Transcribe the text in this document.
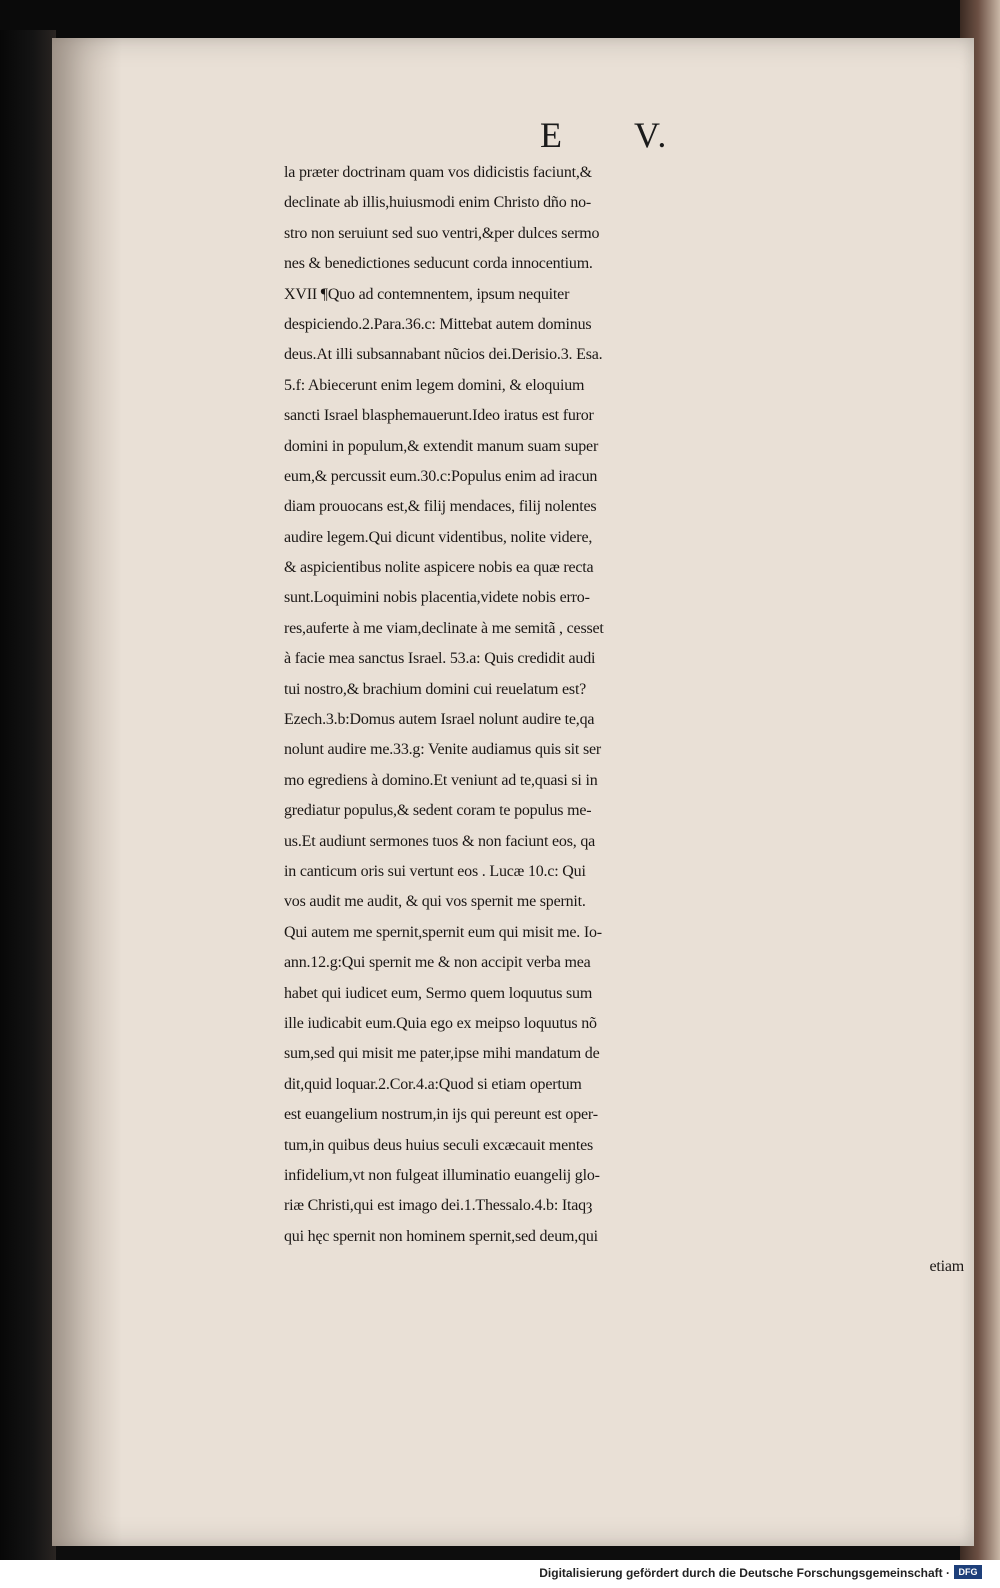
E V.
la præter doctrinam quam vos didicistis faciunt,&
declinate ab illis,huiusmodi enim Christo dño no-
stro non seruiunt sed suo ventri,&per dulces sermo
nes & benedictiones seducunt corda innocentium.
XVII ¶Quo ad contemnentem, ipsum nequiter
despiciendo.2.Para.36.c: Mittebat autem dominus
deus.At illi subsannabant nũcios dei.Derisio.3. Esa.
5.f: Abiecerunt enim legem domini, & eloquium
sancti Israel blasphemauerunt.Ideo iratus est furor
domini in populum,& extendit manum suam super
eum,& percussit eum.30.c:Populus enim ad iracun
diam prouocans est,& filij mendaces, filij nolentes
audire legem.Qui dicunt videntibus, nolite videre,
& aspicientibus nolite aspicere nobis ea quæ recta
sunt.Loquimini nobis placentia,videte nobis erro-
res,auferte à me viam,declinate à me semitã , cesset
à facie mea sanctus Israel. 53.a: Quis credidit audi
tui nostro,& brachium domini cui reuelatum est?
Ezech.3.b:Domus autem Israel nolunt audire te,qa
nolunt audire me.33.g: Venite audiamus quis sit ser
mo egrediens à domino.Et veniunt ad te,quasi si in
grediatur populus,& sedent coram te populus me-
us.Et audiunt sermones tuos & non faciunt eos, qa
in canticum oris sui vertunt eos . Lucæ 10.c: Qui
vos audit me audit, & qui vos spernit me spernit.
Qui autem me spernit,spernit eum qui misit me. Io-
ann.12.g:Qui spernit me & non accipit verba mea
habet qui iudicet eum, Sermo quem loquutus sum
ille iudicabit eum.Quia ego ex meipso loquutus nõ
sum,sed qui misit me pater,ipse mihi mandatum de
dit,quid loquar.2.Cor.4.a:Quod si etiam opertum
est euangelium nostrum,in ijs qui pereunt est oper-
tum,in quibus deus huius seculi excæcauit mentes
infidelium,vt non fulgeat illuminatio euangelij glo-
riæ Christi,qui est imago dei.1.Thessalo.4.b: Itaqȝ
qui hęc spernit non hominem spernit,sed deum,qui
etiam
Digitalisierung gefördert durch die Deutsche Forschungsgemeinschaft · DFG
